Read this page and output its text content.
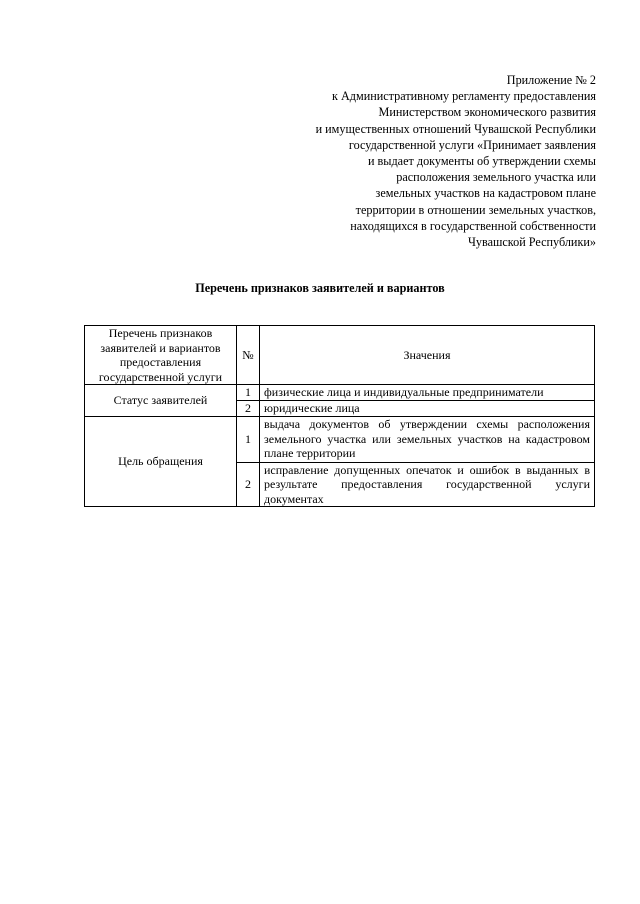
Приложение № 2
к Административному регламенту предоставления
Министерством экономического развития
и имущественных отношений Чувашской Республики
государственной услуги «Принимает заявления
и выдает документы об утверждении схемы
расположения земельного участка или
земельных участков на кадастровом плане
территории в отношении земельных участков,
находящихся в государственной собственности
Чувашской Республики»
Перечень признаков заявителей и вариантов
Перечень признаков заявителей и вариантов предоставления государственной услуги	№	Значения
Статус заявителей	1	физические лица и индивидуальные предприниматели
	2	юридические лица
Цель обращения	1	выдача документов об утверждении схемы расположения земельного участка или земельных участков на кадастровом плане территории
	2	исправление допущенных опечаток и ошибок в выданных в результате предоставления государственной услуги документах
